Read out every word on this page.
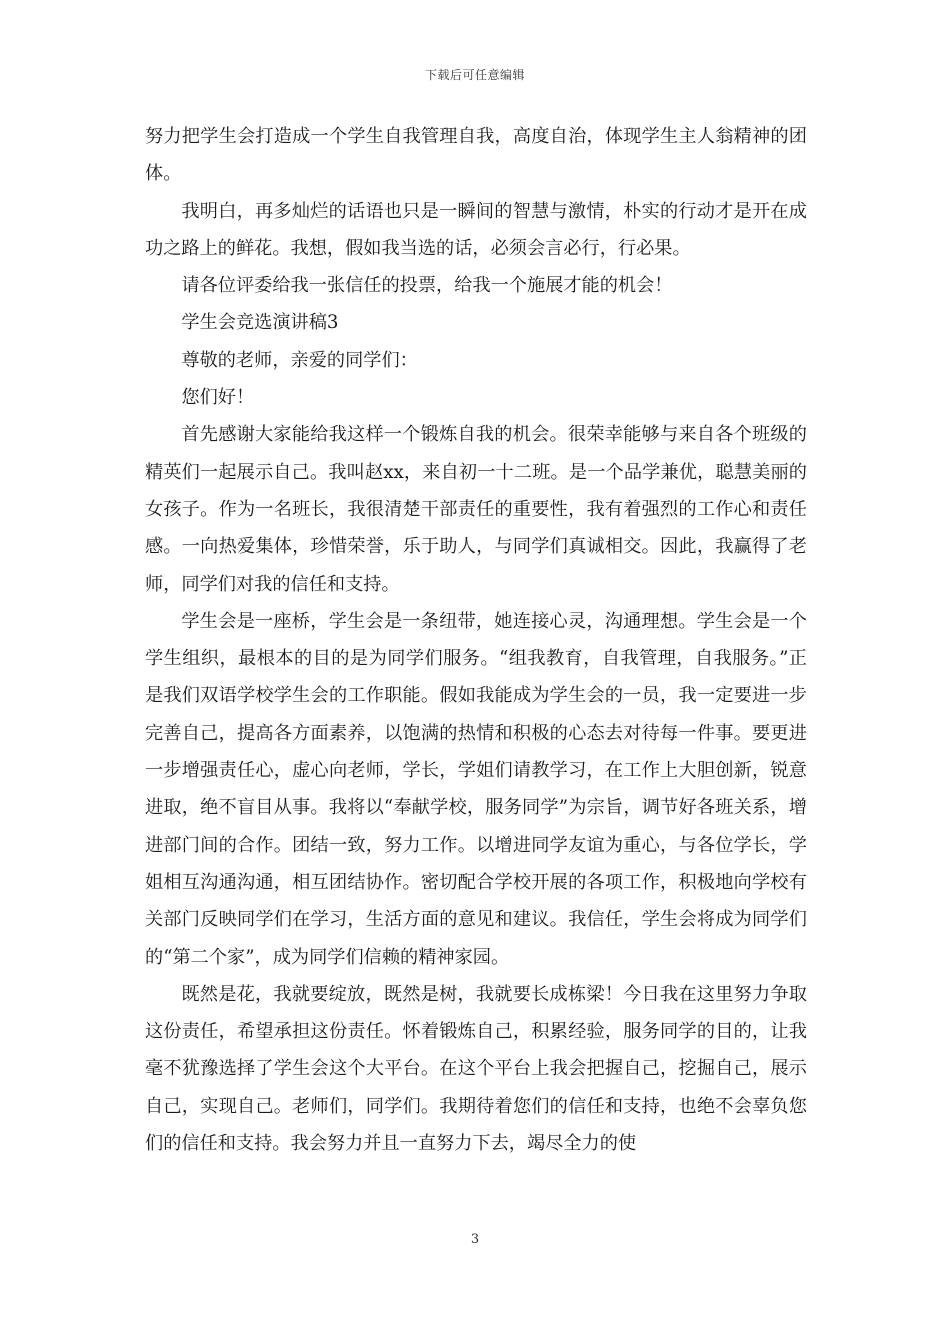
下载后可任意编辑

努力把学生会打造成一个学生自我管理自我，高度自治，体现学生主人翁精神的团体。

我明白，再多灿烂的话语也只是一瞬间的智慧与激情，朴实的行动才是开在成功之路上的鲜花。我想，假如我当选的话，必须会言必行，行必果。

请各位评委给我一张信任的投票，给我一个施展才能的机会！

学生会竞选演讲稿3

尊敬的老师，亲爱的同学们：

您们好！

首先感谢大家能给我这样一个锻炼自我的机会。很荣幸能够与来自各个班级的精英们一起展示自己。我叫赵xx，来自初一十二班。是一个品学兼优，聪慧美丽的女孩子。作为一名班长，我很清楚干部责任的重要性，我有着强烈的工作心和责任感。一向热爱集体，珍惜荣誉，乐于助人，与同学们真诚相交。因此，我赢得了老师，同学们对我的信任和支持。

学生会是一座桥，学生会是一条纽带，她连接心灵，沟通理想。学生会是一个学生组织，最根本的目的是为同学们服务。“组我教育，自我管理，自我服务。”正是我们双语学校学生会的工作职能。假如我能成为学生会的一员，我一定要进一步完善自己，提高各方面素养，以饱满的热情和积极的心态去对待每一件事。要更进一步增强责任心，虚心向老师，学长，学姐们请教学习，在工作上大胆创新，锐意进取，绝不盲目从事。我将以“奉献学校，服务同学”为宗旨，调节好各班关系，增进部门间的合作。团结一致，努力工作。以增进同学友谊为重心，与各位学长，学姐相互沟通沟通，相互团结协作。密切配合学校开展的各项工作，积极地向学校有关部门反映同学们在学习，生活方面的意见和建议。我信任，学生会将成为同学们的“第二个家”，成为同学们信赖的精神家园。

既然是花，我就要绽放，既然是树，我就要长成栋梁！今日我在这里努力争取这份责任，希望承担这份责任。怀着锻炼自己，积累经验，服务同学的目的，让我毫不犹豫选择了学生会这个大平台。在这个平台上我会把握自己，挖掘自己，展示自己，实现自己。老师们，同学们。我期待着您们的信任和支持，也绝不会辜负您们的信任和支持。我会努力并且一直努力下去，竭尽全力的使

3
